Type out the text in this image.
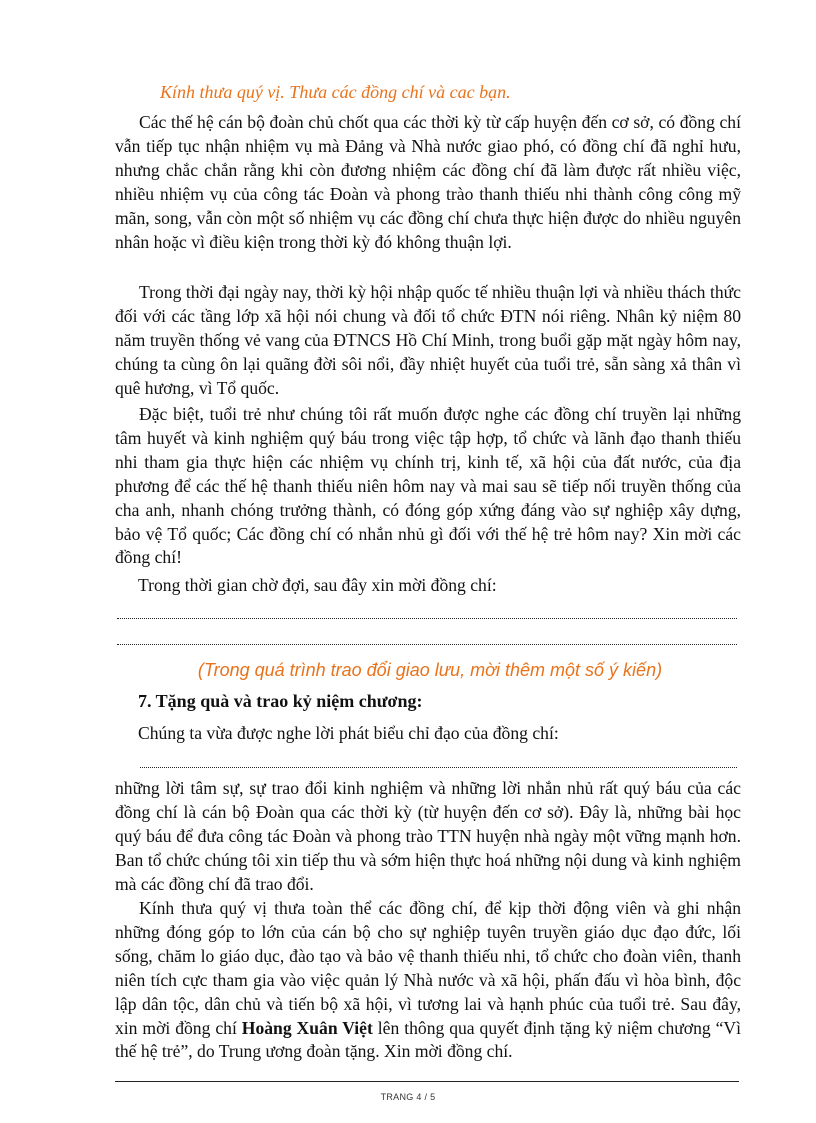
Kính thưa quý vị. Thưa các đồng chí và cac bạn.

Các thế hệ cán bộ đoàn chủ chốt qua các thời kỳ từ cấp huyện đến cơ sở, có đồng chí vẫn tiếp tục nhận nhiệm vụ mà Đảng và Nhà nước giao phó, có đồng chí đã nghỉ hưu, nhưng chắc chắn rằng khi còn đương nhiệm các đồng chí đã làm được rất nhiều việc, nhiều nhiệm vụ của công tác Đoàn và phong trào thanh thiếu nhi thành công công mỹ mãn, song, vẫn còn một số nhiệm vụ các đồng chí chưa thực hiện được do nhiều nguyên nhân hoặc vì điều kiện trong thời kỳ đó không thuận lợi.

Trong thời đại ngày nay, thời kỳ hội nhập quốc tế nhiều thuận lợi và nhiều thách thức đối với các tầng lớp xã hội nói chung và đối tổ chức ĐTN nói riêng. Nhân kỷ niệm 80 năm truyền thống vẻ vang của ĐTNCS Hồ Chí Minh, trong buổi gặp mặt ngày hôm nay, chúng ta cùng ôn lại quãng đời sôi nổi, đầy nhiệt huyết của tuổi trẻ, sẵn sàng xả thân vì quê hương, vì Tổ quốc.

Đặc biệt, tuổi trẻ như chúng tôi rất muốn được nghe các đồng chí truyền lại những tâm huyết và kinh nghiệm quý báu trong việc tập hợp, tổ chức và lãnh đạo thanh thiếu nhi tham gia thực hiện các nhiệm vụ chính trị, kinh tế, xã hội của đất nước, của địa phương để các thế hệ thanh thiếu niên hôm nay và mai sau sẽ tiếp nối truyền thống của cha anh, nhanh chóng trưởng thành, có đóng góp xứng đáng vào sự nghiệp xây dựng, bảo vệ Tổ quốc; Các đồng chí có nhắn nhủ gì đối với thế hệ trẻ hôm nay? Xin mời các đồng chí!

Trong thời gian chờ đợi, sau đây xin mời đồng chí:
(Trong quá trình trao đổi giao lưu, mời thêm một số ý kiến)
7. Tặng quà và trao kỷ niệm chương:
Chúng ta vừa được nghe lời phát biểu chỉ đạo của đồng chí:

những lời tâm sự, sự trao đổi kinh nghiệm và những lời nhắn nhủ rất quý báu của các đồng chí là cán bộ Đoàn qua các thời kỳ (từ huyện đến cơ sở). Đây là, những bài học quý báu để đưa công tác Đoàn và phong trào TTN huyện nhà ngày một vững mạnh hơn. Ban tổ chức chúng tôi xin tiếp thu và sớm hiện thực hoá những nội dung và kinh nghiệm mà các đồng chí đã trao đổi.

Kính thưa quý vị thưa toàn thể các đồng chí, để kịp thời động viên và ghi nhận những đóng góp to lớn của cán bộ cho sự nghiệp tuyên truyền giáo dục đạo đức, lối sống, chăm lo giáo dục, đào tạo và bảo vệ thanh thiếu nhi, tổ chức cho đoàn viên, thanh niên tích cực tham gia vào việc quản lý Nhà nước và xã hội, phấn đấu vì hòa bình, độc lập dân tộc, dân chủ và tiến bộ xã hội, vì tương lai và hạnh phúc của tuổi trẻ. Sau đây, xin mời đồng chí Hoàng Xuân Việt lên thông qua quyết định tặng kỷ niệm chương “Vì thế hệ trẻ”, do Trung ương đoàn tặng. Xin mời đồng chí.

TRANG 4 / 5
